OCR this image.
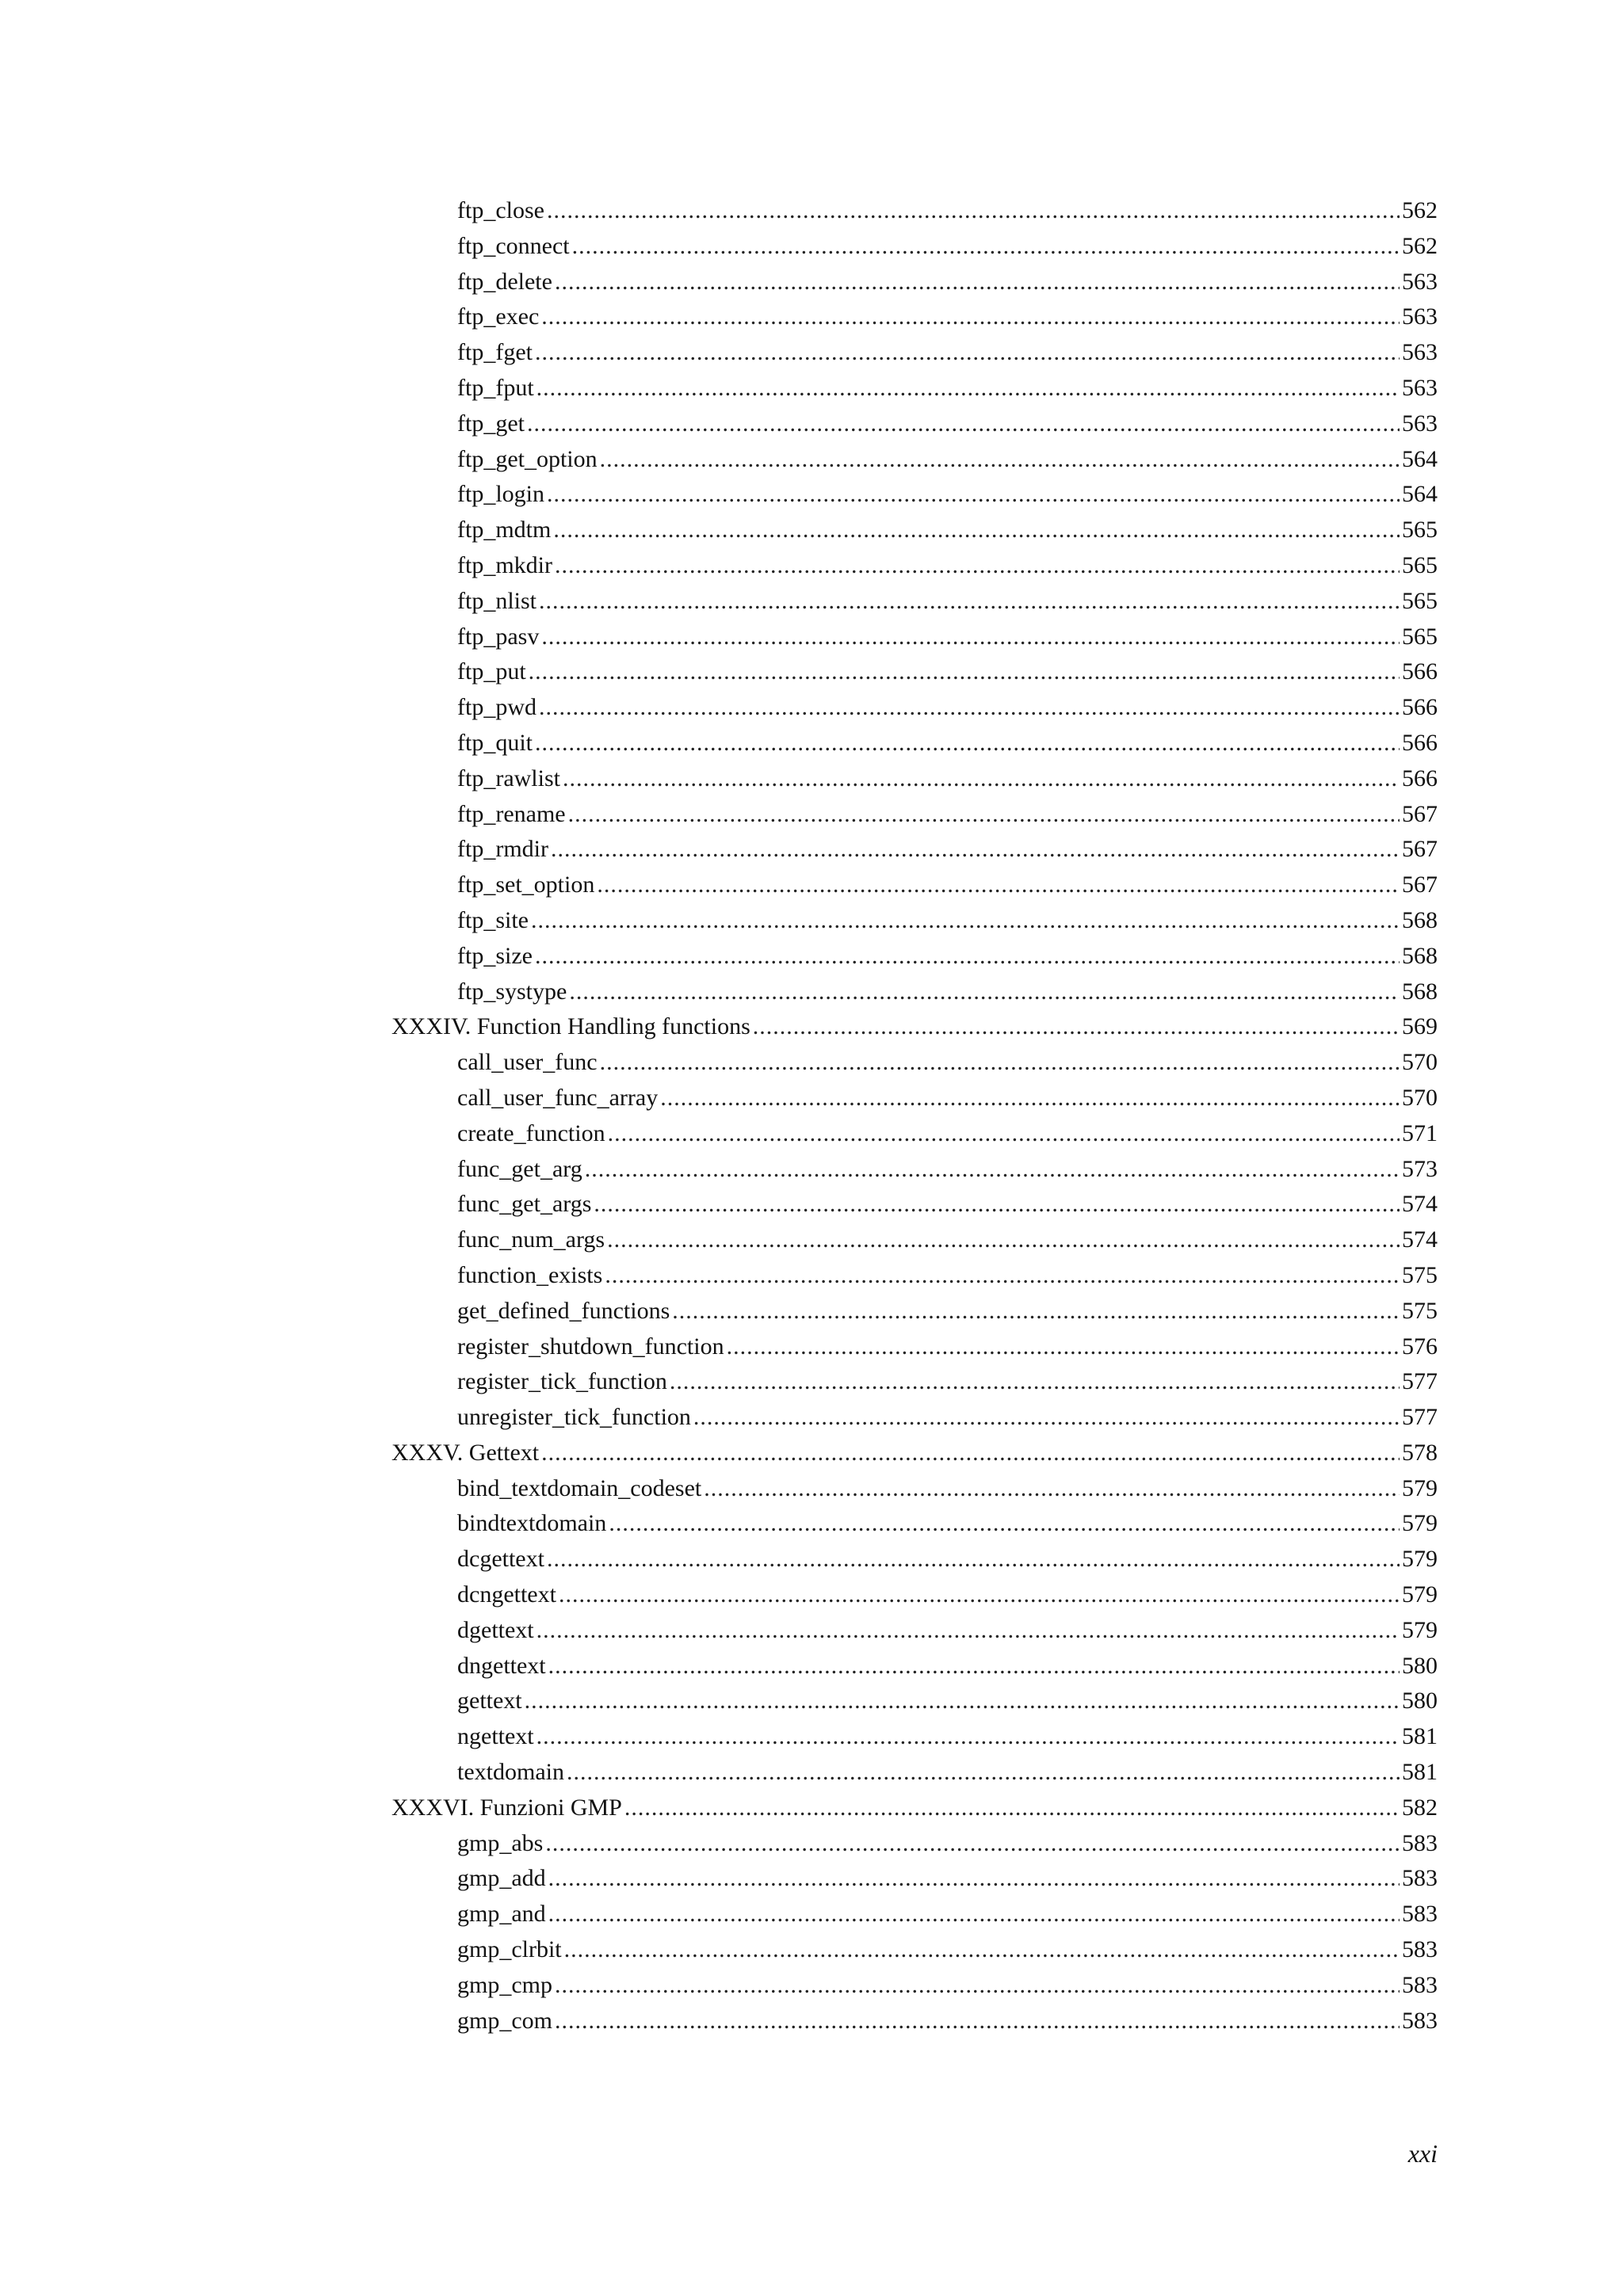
ftp_close .....	562
ftp_connect .....	562
ftp_delete .....	563
ftp_exec .....	563
ftp_fget .....	563
ftp_fput .....	563
ftp_get .....	563
ftp_get_option .....	564
ftp_login .....	564
ftp_mdtm .....	565
ftp_mkdir .....	565
ftp_nlist .....	565
ftp_pasv .....	565
ftp_put .....	566
ftp_pwd .....	566
ftp_quit .....	566
ftp_rawlist .....	566
ftp_rename .....	567
ftp_rmdir .....	567
ftp_set_option .....	567
ftp_site .....	568
ftp_size .....	568
ftp_systype .....	568
XXXIV. Function Handling functions .....	569
call_user_func .....	570
call_user_func_array .....	570
create_function .....	571
func_get_arg .....	573
func_get_args .....	574
func_num_args .....	574
function_exists .....	575
get_defined_functions .....	575
register_shutdown_function .....	576
register_tick_function .....	577
unregister_tick_function .....	577
XXXV. Gettext .....	578
bind_textdomain_codeset .....	579
bindtextdomain .....	579
dcgettext .....	579
dcngettext .....	579
dgettext .....	579
dngettext .....	580
gettext .....	580
ngettext .....	581
textdomain .....	581
XXXVI. Funzioni GMP .....	582
gmp_abs .....	583
gmp_add .....	583
gmp_and .....	583
gmp_clrbit .....	583
gmp_cmp .....	583
gmp_com .....	583
xxi
